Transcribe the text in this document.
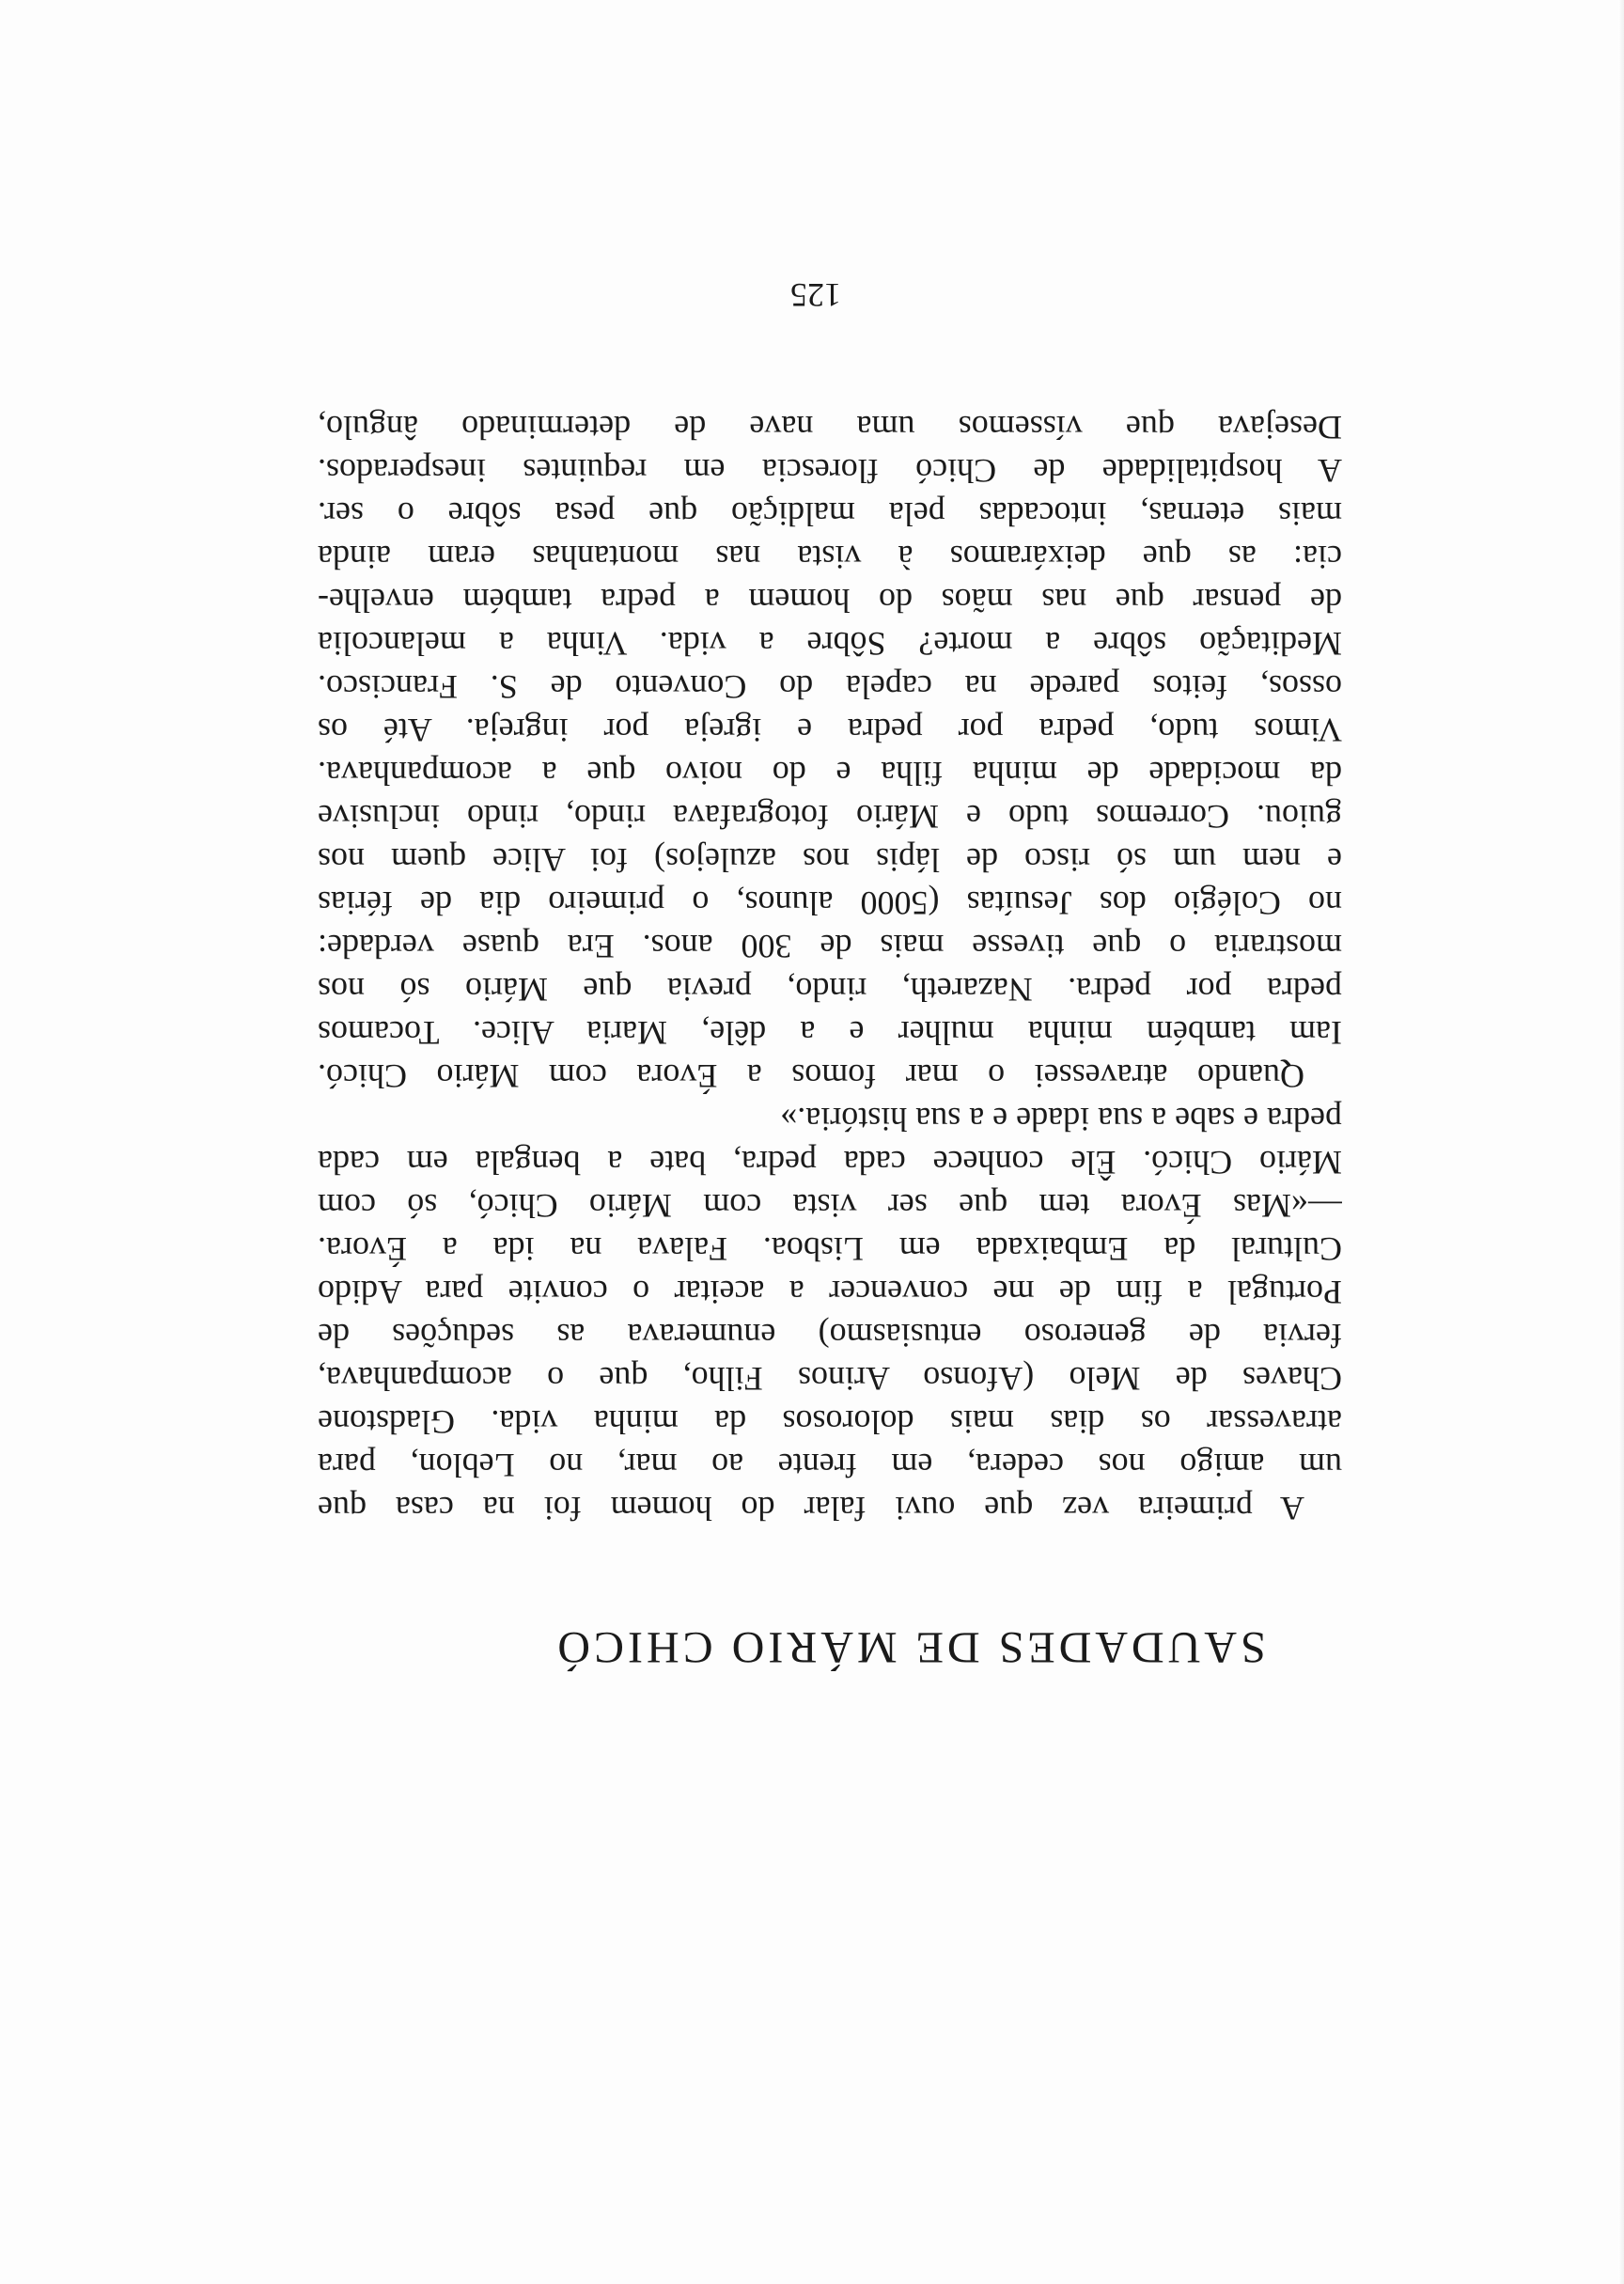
SAUDADES DE MÁRIO CHICÓ
A primeira vez que ouvi falar do homem foi na casa que
um amigo nos cedera, em frente ao mar, no Leblon, para
atravessar os dias mais dolorosos da minha vida. Gladstone
Chaves de Melo (Afonso Arinos Filho, que o acompanhava,
fervia de generoso entusiasmo) enumerava as seduções de
Portugal a fim de me convencer a aceitar o convite para Adido
Cultural da Embaixada em Lisboa. Falava na ida a Évora.
—«Mas Évora tem que ser vista com Mário Chicó, só com
Mário Chicó. Êle conhece cada pedra, bate a bengala em cada
pedra e sabe a sua idade e a sua história.»
Quando atravessei o mar fomos a Évora com Mário Chicó.
Iam também minha mulher e a dêle, Maria Alice. Tocamos
pedra por pedra. Nazareth, rindo, previa que Mário só nos
mostraria o que tivesse mais de 300 anos. Era quase verdade:
no Colégio dos Jesuítas (5000 alunos, o primeiro dia de férias
e nem um só risco de lápis nos azulejos) foi Alice quem nos
guiou. Corremos tudo e Mário fotografava rindo, rindo inclusive
da mocidade de minha filha e do noivo que a acompanhava.
Vimos tudo, pedra por pedra e igreja por ingreja. Até os
ossos, feitos parede na capela do Convento de S. Francisco.
Meditação sôbre a morte? Sôbre a vida. Vinha a melancolia
de pensar que nas mãos do homem a pedra também envelhe-
cia: as que deixáramos à vista nas montanhas eram ainda
mais eternas, intocadas pela maldição que pesa sôbre o ser.
A hospitalidade de Chicó florescia em requintes inesperados.
Desejava que víssemos uma nave de determinado ângulo,

125
